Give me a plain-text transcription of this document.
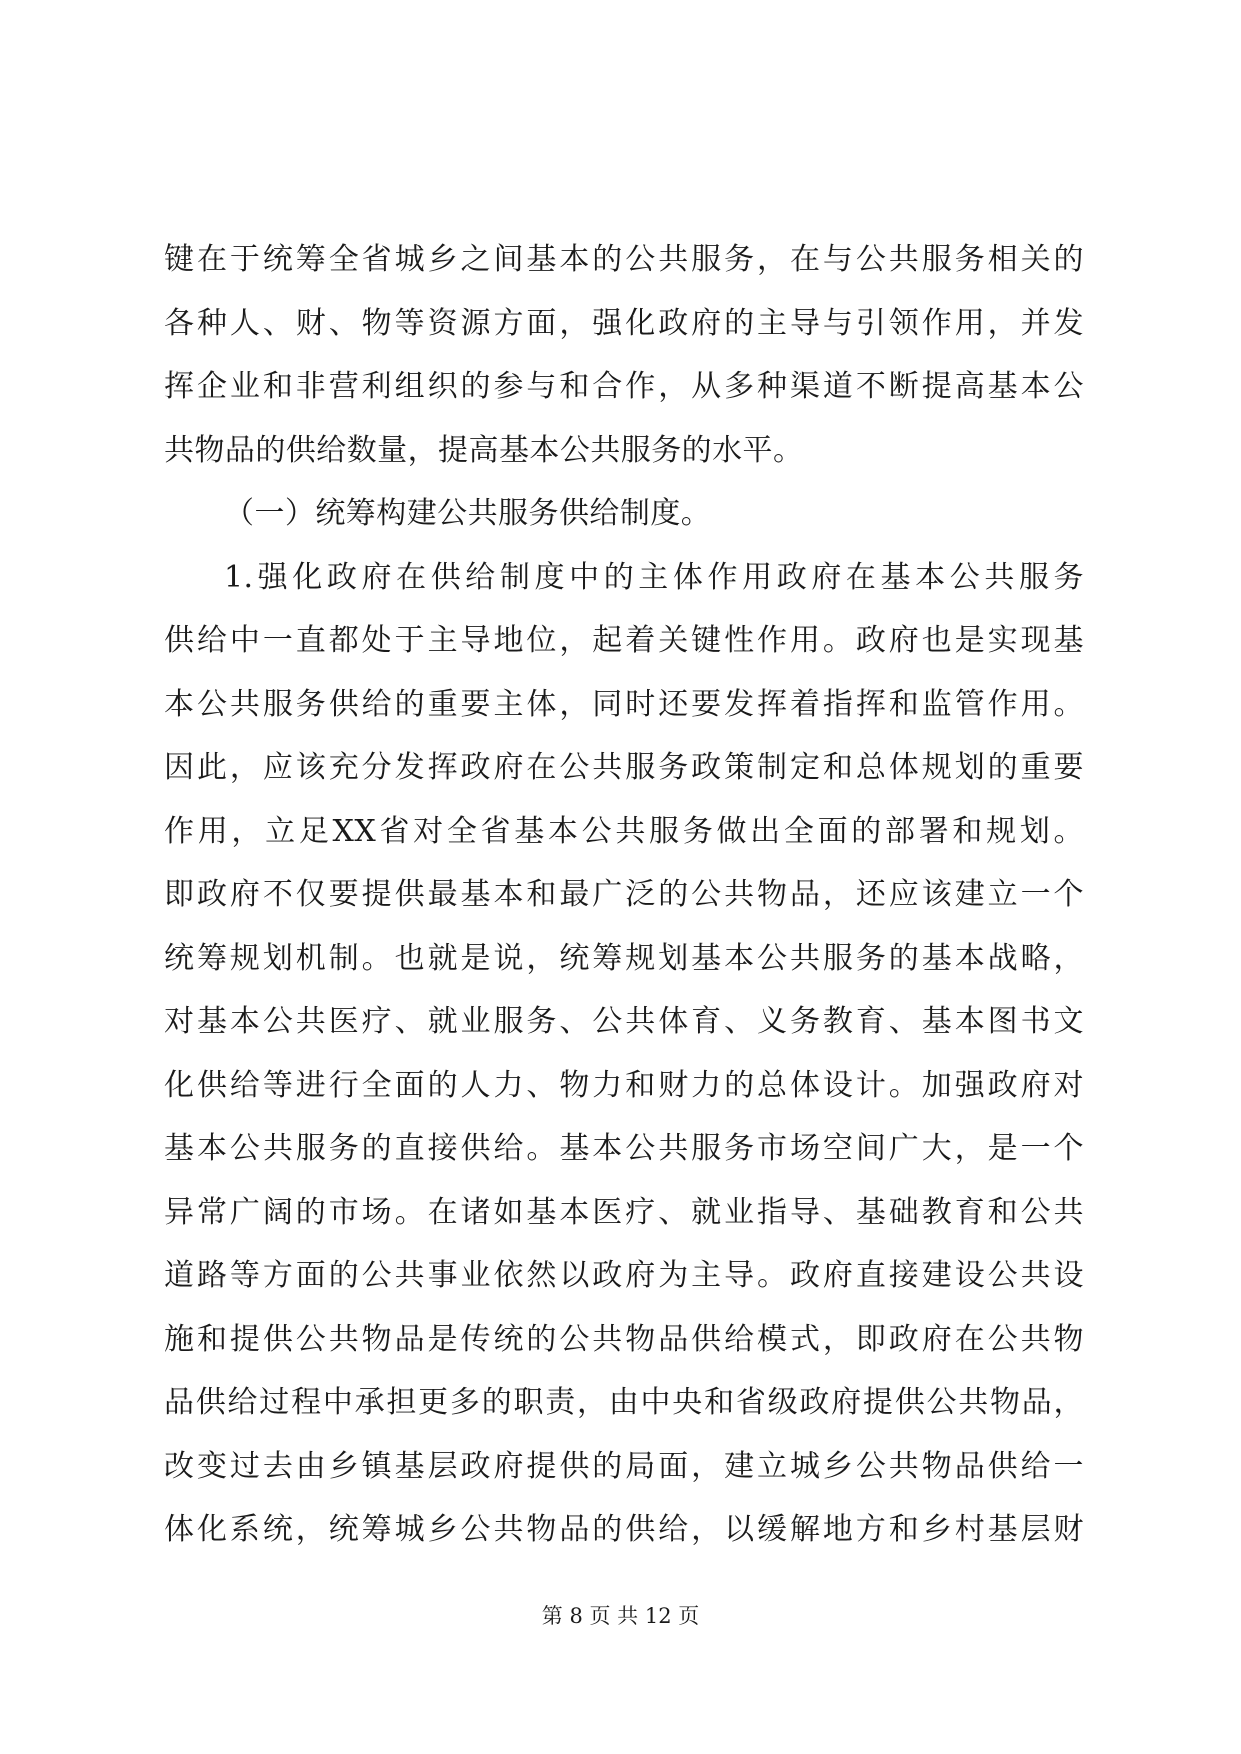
键在于统筹全省城乡之间基本的公共服务，在与公共服务相关的
各种人、财、物等资源方面，强化政府的主导与引领作用，并发
挥企业和非营利组织的参与和合作，从多种渠道不断提高基本公
共物品的供给数量，提高基本公共服务的水平。
（一）统筹构建公共服务供给制度。
1.强化政府在供给制度中的主体作用政府在基本公共服务
供给中一直都处于主导地位，起着关键性作用。政府也是实现基
本公共服务供给的重要主体，同时还要发挥着指挥和监管作用。
因此，应该充分发挥政府在公共服务政策制定和总体规划的重要
作用，立足XX省对全省基本公共服务做出全面的部署和规划。
即政府不仅要提供最基本和最广泛的公共物品，还应该建立一个
统筹规划机制。也就是说，统筹规划基本公共服务的基本战略，
对基本公共医疗、就业服务、公共体育、义务教育、基本图书文
化供给等进行全面的人力、物力和财力的总体设计。加强政府对
基本公共服务的直接供给。基本公共服务市场空间广大，是一个
异常广阔的市场。在诸如基本医疗、就业指导、基础教育和公共
道路等方面的公共事业依然以政府为主导。政府直接建设公共设
施和提供公共物品是传统的公共物品供给模式，即政府在公共物
品供给过程中承担更多的职责，由中央和省级政府提供公共物品，
改变过去由乡镇基层政府提供的局面，建立城乡公共物品供给一
体化系统，统筹城乡公共物品的供给，以缓解地方和乡村基层财
第 8 页 共 12 页
